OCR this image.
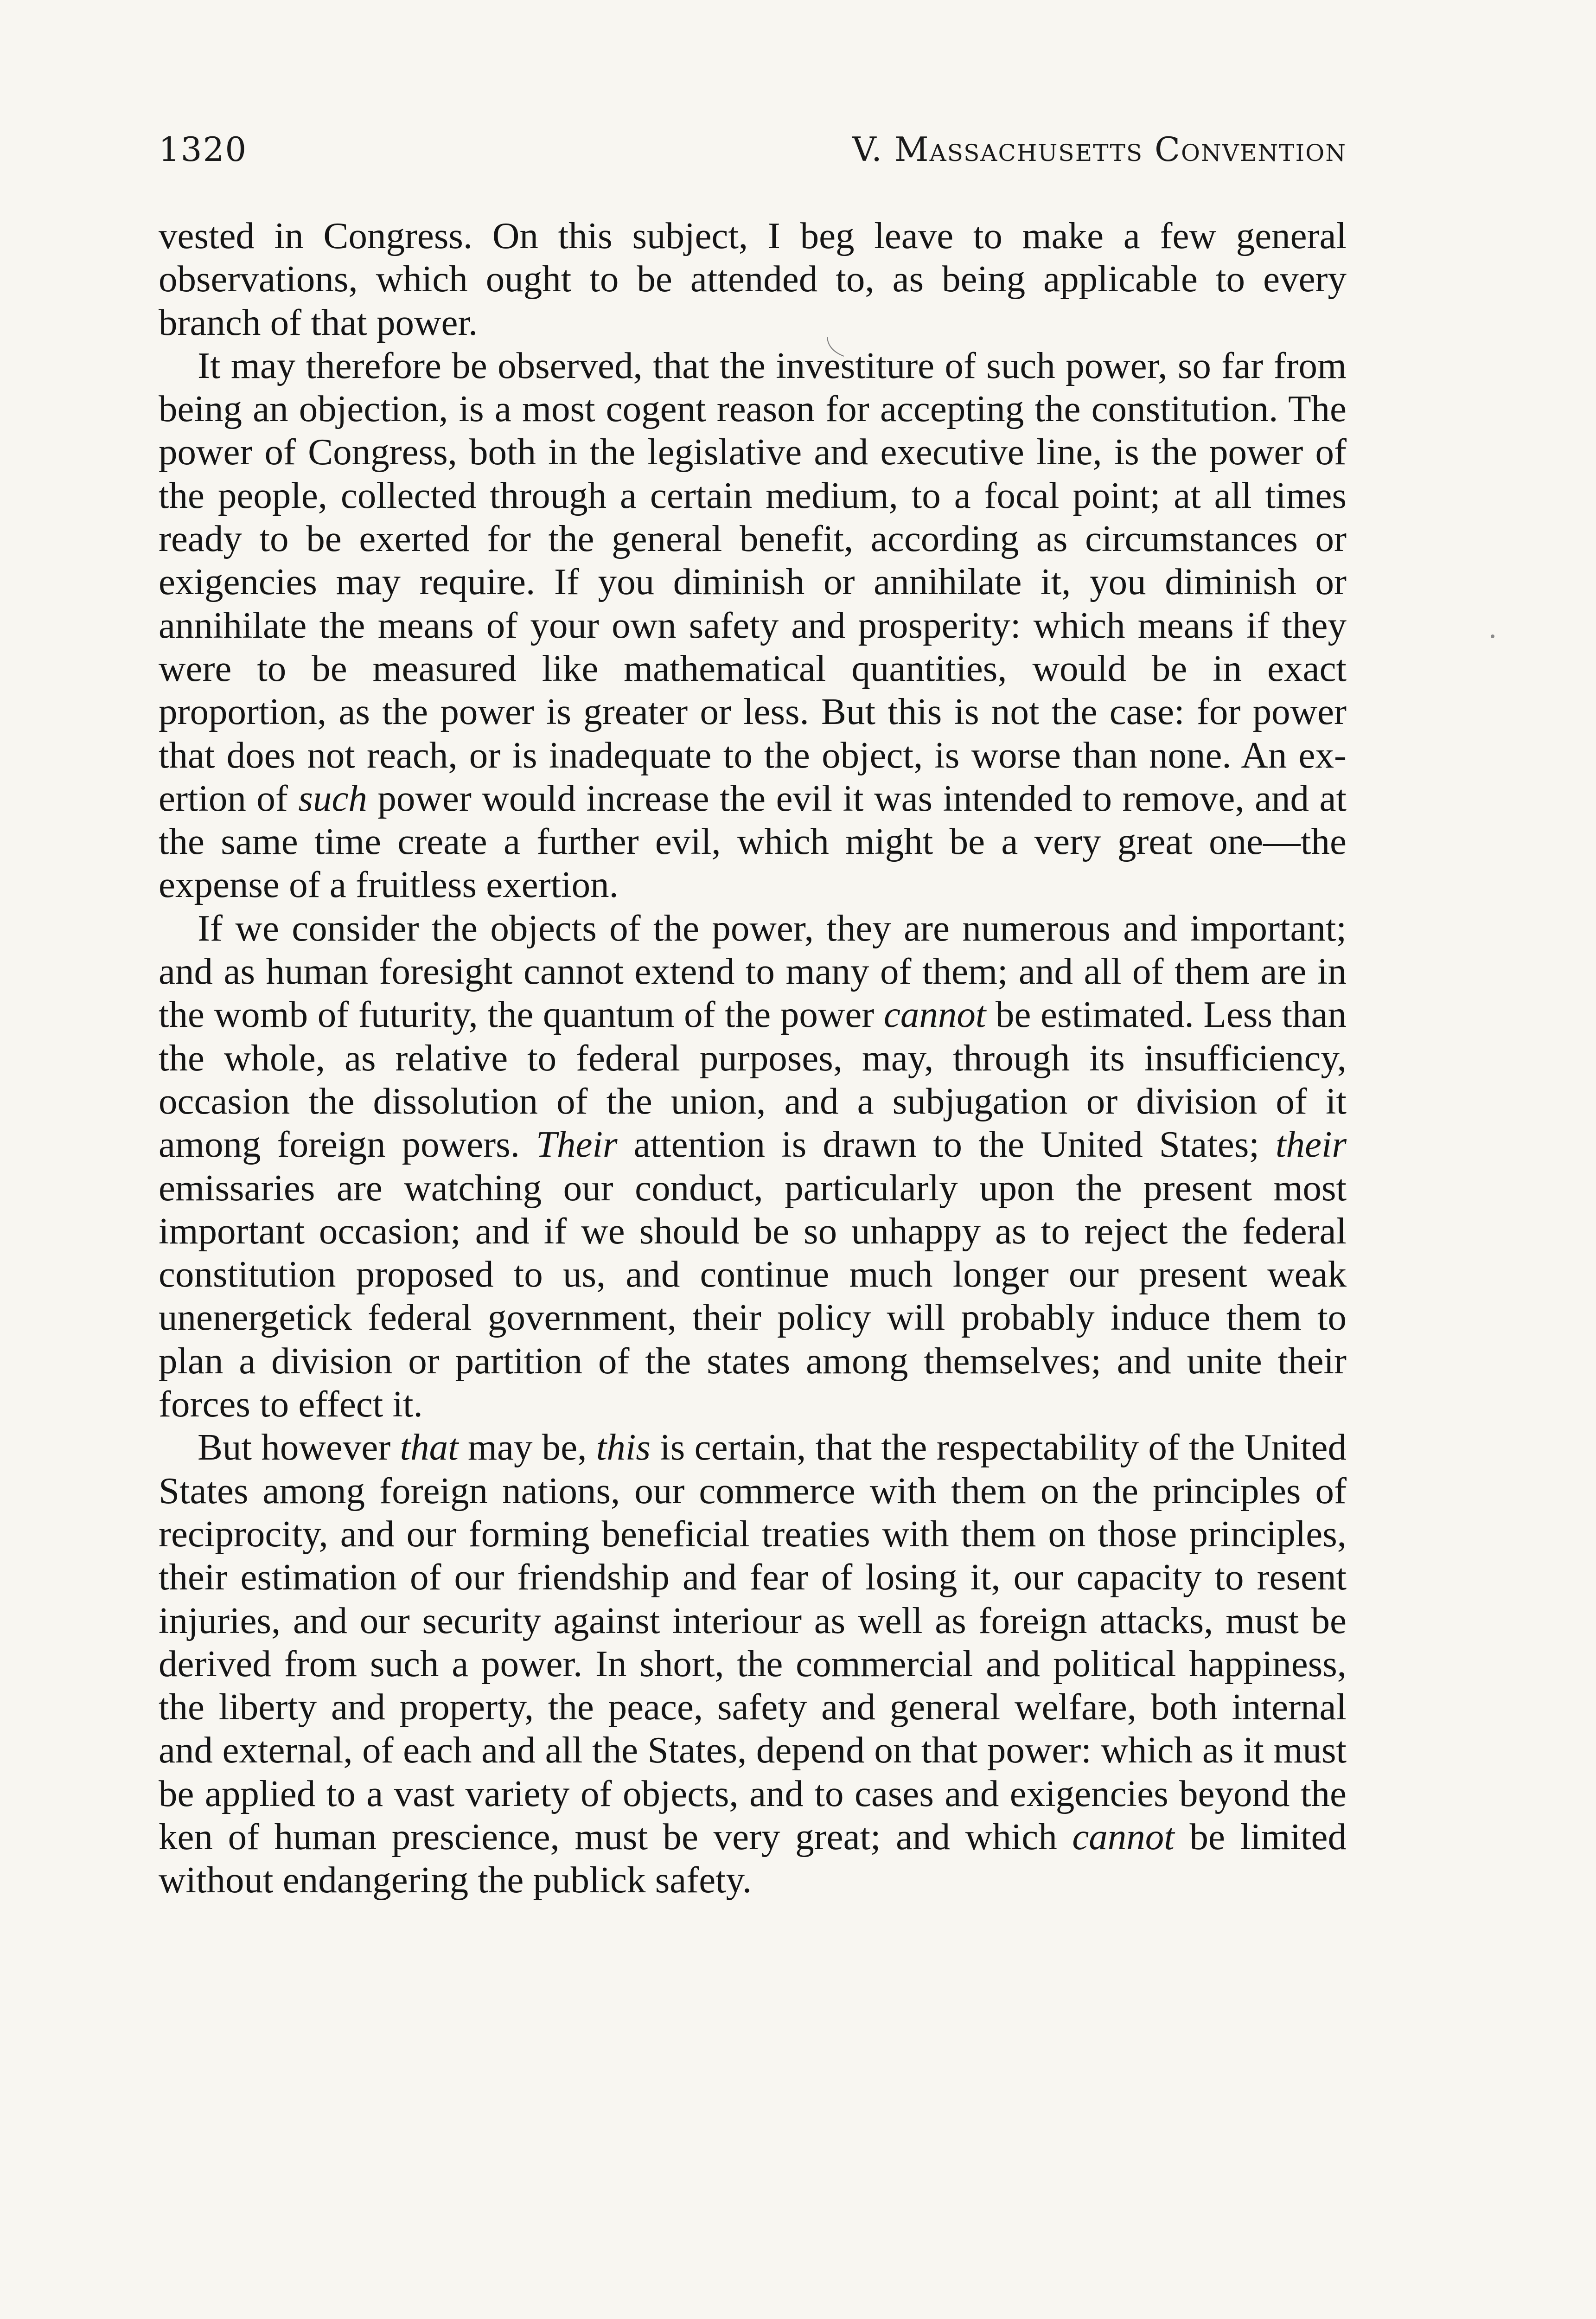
1320	V. Massachusetts Convention

vested in Congress. On this subject, I beg leave to make a few general observations, which ought to be attended to, as being applicable to every branch of that power.

It may therefore be observed, that the investiture of such power, so far from being an objection, is a most cogent reason for accepting the constitution. The power of Congress, both in the legislative and executive line, is the power of the people, collected through a certain medium, to a focal point; at all times ready to be exerted for the general benefit, according as circumstances or exigencies may require. If you diminish or annihilate it, you diminish or annihilate the means of your own safety and prosperity: which means if they were to be measured like mathematical quantities, would be in exact proportion, as the power is greater or less. But this is not the case: for power that does not reach, or is inadequate to the object, is worse than none. An exertion of such power would increase the evil it was intended to remove, and at the same time create a further evil, which might be a very great one—the expense of a fruitless exertion.

If we consider the objects of the power, they are numerous and important; and as human foresight cannot extend to many of them; and all of them are in the womb of futurity, the quantum of the power cannot be estimated. Less than the whole, as relative to federal purposes, may, through its insufficiency, occasion the dissolution of the union, and a subjugation or division of it among foreign powers. Their attention is drawn to the United States; their emissaries are watching our conduct, particularly upon the present most important occasion; and if we should be so unhappy as to reject the federal constitution proposed to us, and continue much longer our present weak unenergetick federal government, their policy will probably induce them to plan a division or partition of the states among themselves; and unite their forces to effect it.

But however that may be, this is certain, that the respectability of the United States among foreign nations, our commerce with them on the principles of reciprocity, and our forming beneficial treaties with them on those principles, their estimation of our friendship and fear of losing it, our capacity to resent injuries, and our security against interiour as well as foreign attacks, must be derived from such a power. In short, the commercial and political happiness, the liberty and property, the peace, safety and general welfare, both internal and external, of each and all the States, depend on that power: which as it must be applied to a vast variety of objects, and to cases and exigencies beyond the ken of human prescience, must be very great; and which cannot be limited without endangering the publick safety.
